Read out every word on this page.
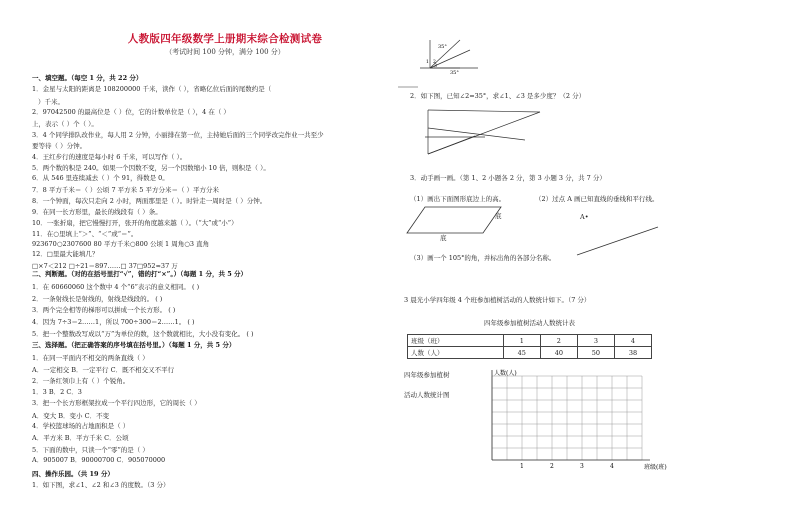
人教版四年级数学上册期末综合检测试卷
（考试时间 100 分钟，满分 100 分）
一、填空题。（每空 1 分，共 22 分）
1．金星与太阳的距离是 108200000 千米，读作（ ），省略亿位后面的尾数约是（
）千米。
2．97042500 的最高位是（ ）位，它的计数单位是（ ），4 在（ ）
上，表示（ ）个（ ）。
3．4 个同学排队改作业，每人用 2 分钟，小丽排在第一位，主持她后面的三个同学改完作业一共至少
要等待（ ）分钟。
4．王红步行的速度是每小时 6 千米，可以写作（ ）。
5．两个数的积是 240。如果一个因数不变，另一个因数缩小 10 倍，则积是（ ）。
6．从 546 里连续减去（ ）个 91，得数是 0。
7．8 平方千米＝（ ）公顷 7 平方米 5 平方分米＝（ ）平方分米
8．一个钟面，每次只走向 2 小时，两面那里是（ ）。时针走一周时是（ ）分钟。
9．在同一长方形里，最长的线段有（ ）条。
10．一张折扇，把它慢慢打开，张开的角度越来越（ ）。（“大”或“小”）
11．在○里填上“＞”、“＜”或“＝”。
923670○2307600 80 平方千米○800 公顷 1 周角○3 直角
12．□里最大能填几？
□×7＜212 □÷21＝897……□ 37□952≈37 万
二、判断题。（对的在括号里打“√”，错的打“×”。）（每题 1 分，共 5 分）
1．在 60660060 这个数中 4 个“6”表示的意义相同。 ( )
2．一条射线长是射线的，射线是线段的。 ( )
3．两个完全相等的梯形可以拼成一个长方形。 ( )
4．因为 7÷3＝2……1，所以 700÷300＝2……1。 ( )
5．把一个整数改写成以“万”为单位的数，这个数就相比，大小没有变化。 ( )
三、选择题。（把正确答案的序号填在括号里。）（每题 1 分，共 5 分）
1．在同一平面内不相交的两条直线（ ）
A．一定相交 B．一定平行 C．既不相交又不平行
2．一条红领巾上有（ ）个锐角。
1．3 B．2 C．3
3．把一个长方形框架拉成一个平行四边形，它的周长（ ）
A．变大 B．变小 C．不变
4．学校篮球场的占地面积是（ ）
A．平方米 B．平方千米 C．公顷
5．下面的数中，只读一个“零”的是（ ）
A．905007 B．90000700 C．905070000
四、操作乐园。（共 19 分）
1．如下图，求∠1、∠2 和∠3 的度数。（3 分）
35°
35°
2
1
3
2．如下图，已知∠2=35°，求∠1、∠3 是多少度？（2 分）
3．动手画一画。（第 1、2 小题各 2 分，第 3 小题 3 分，共 7 分）
（1）画出下面图形底边上的高。	（2）过点 A 画已知直线的垂线和平行线。
底
底
A•
（3）画一个 105°的角，并标出角的各部分名称。
3 晨光小学四年级 4 个班参加植树活动的人数统计如下。（7 分）
四年级参加植树活动人数统计表
班级（班）	1	2	3	4
人数（人）	45	40	50	38
四年级参加植树
活动人数统计图
人数(人)
班级(班)
1	2	3	4
